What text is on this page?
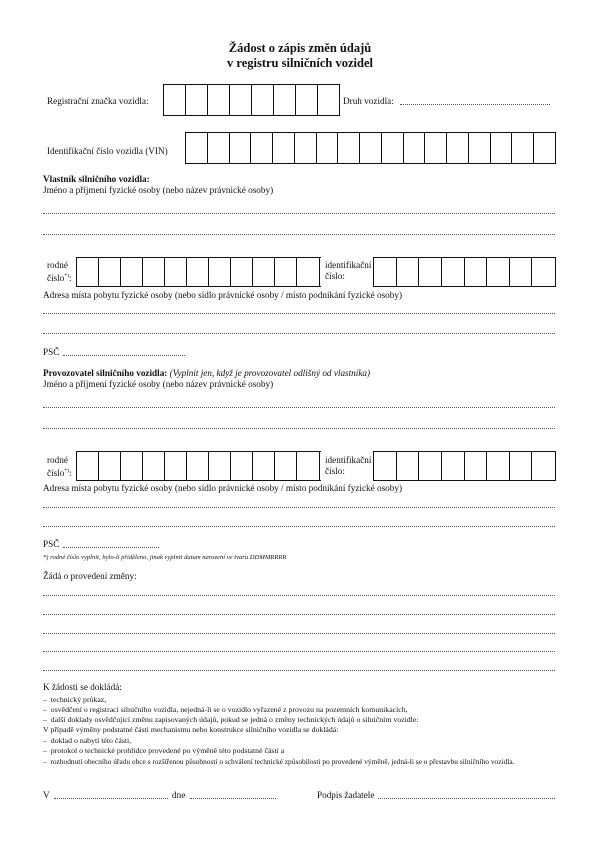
Žádost o zápis změn údajů
v registru silničních vozidel
Registrační značka vozidla:	Druh vozidla:
Identifikační číslo vozidla (VIN)
Vlastník silničního vozidla:
Jméno a příjmení fyzické osoby (nebo název právnické osoby)
rodné
číslo*):
identifikační
číslo:
Adresa místa pobytu fyzické osoby (nebo sídlo právnické osoby / místo podnikání fyzické osoby)
PSČ
Provozovatel silničního vozidla: (Vyplnit jen, když je provozovatel odlišný od vlastníka)
Jméno a příjmení fyzické osoby (nebo název právnické osoby)
rodné
číslo*):
identifikační
číslo:
Adresa místa pobytu fyzické osoby (nebo sídlo právnické osoby / místo podnikání fyzické osoby)
PSČ
*) rodné číslo vyplnit, bylo-li přiděleno, jinak vyplnit datum narození ve tvaru DDMMRRRR
Žádá o provedení změny:
K žádosti se dokládá:
–  technický průkaz,
–  osvědčení o registraci silničního vozidla, nejedná-li se o vozidlo vyřazené z provozu na pozemních komunikacích,
–  další doklady osvědčující změnu zapisovaných údajů, pokud se jedná o změny technických údajů o silničním vozidle:
V případě výměny podstatné části mechanismu nebo konstrukce silničního vozidla se dokládá:
–  doklad o nabytí této části,
–  protokol o technické prohlídce provedené po výměně této podstatné části a
–  rozhodnutí obecního úřadu obce s rozšířenou působností o schválení technické způsobilosti po provedené výměně, jedná-li se o přestavbu silničního vozidla.
V	dne	Podpis žadatele
